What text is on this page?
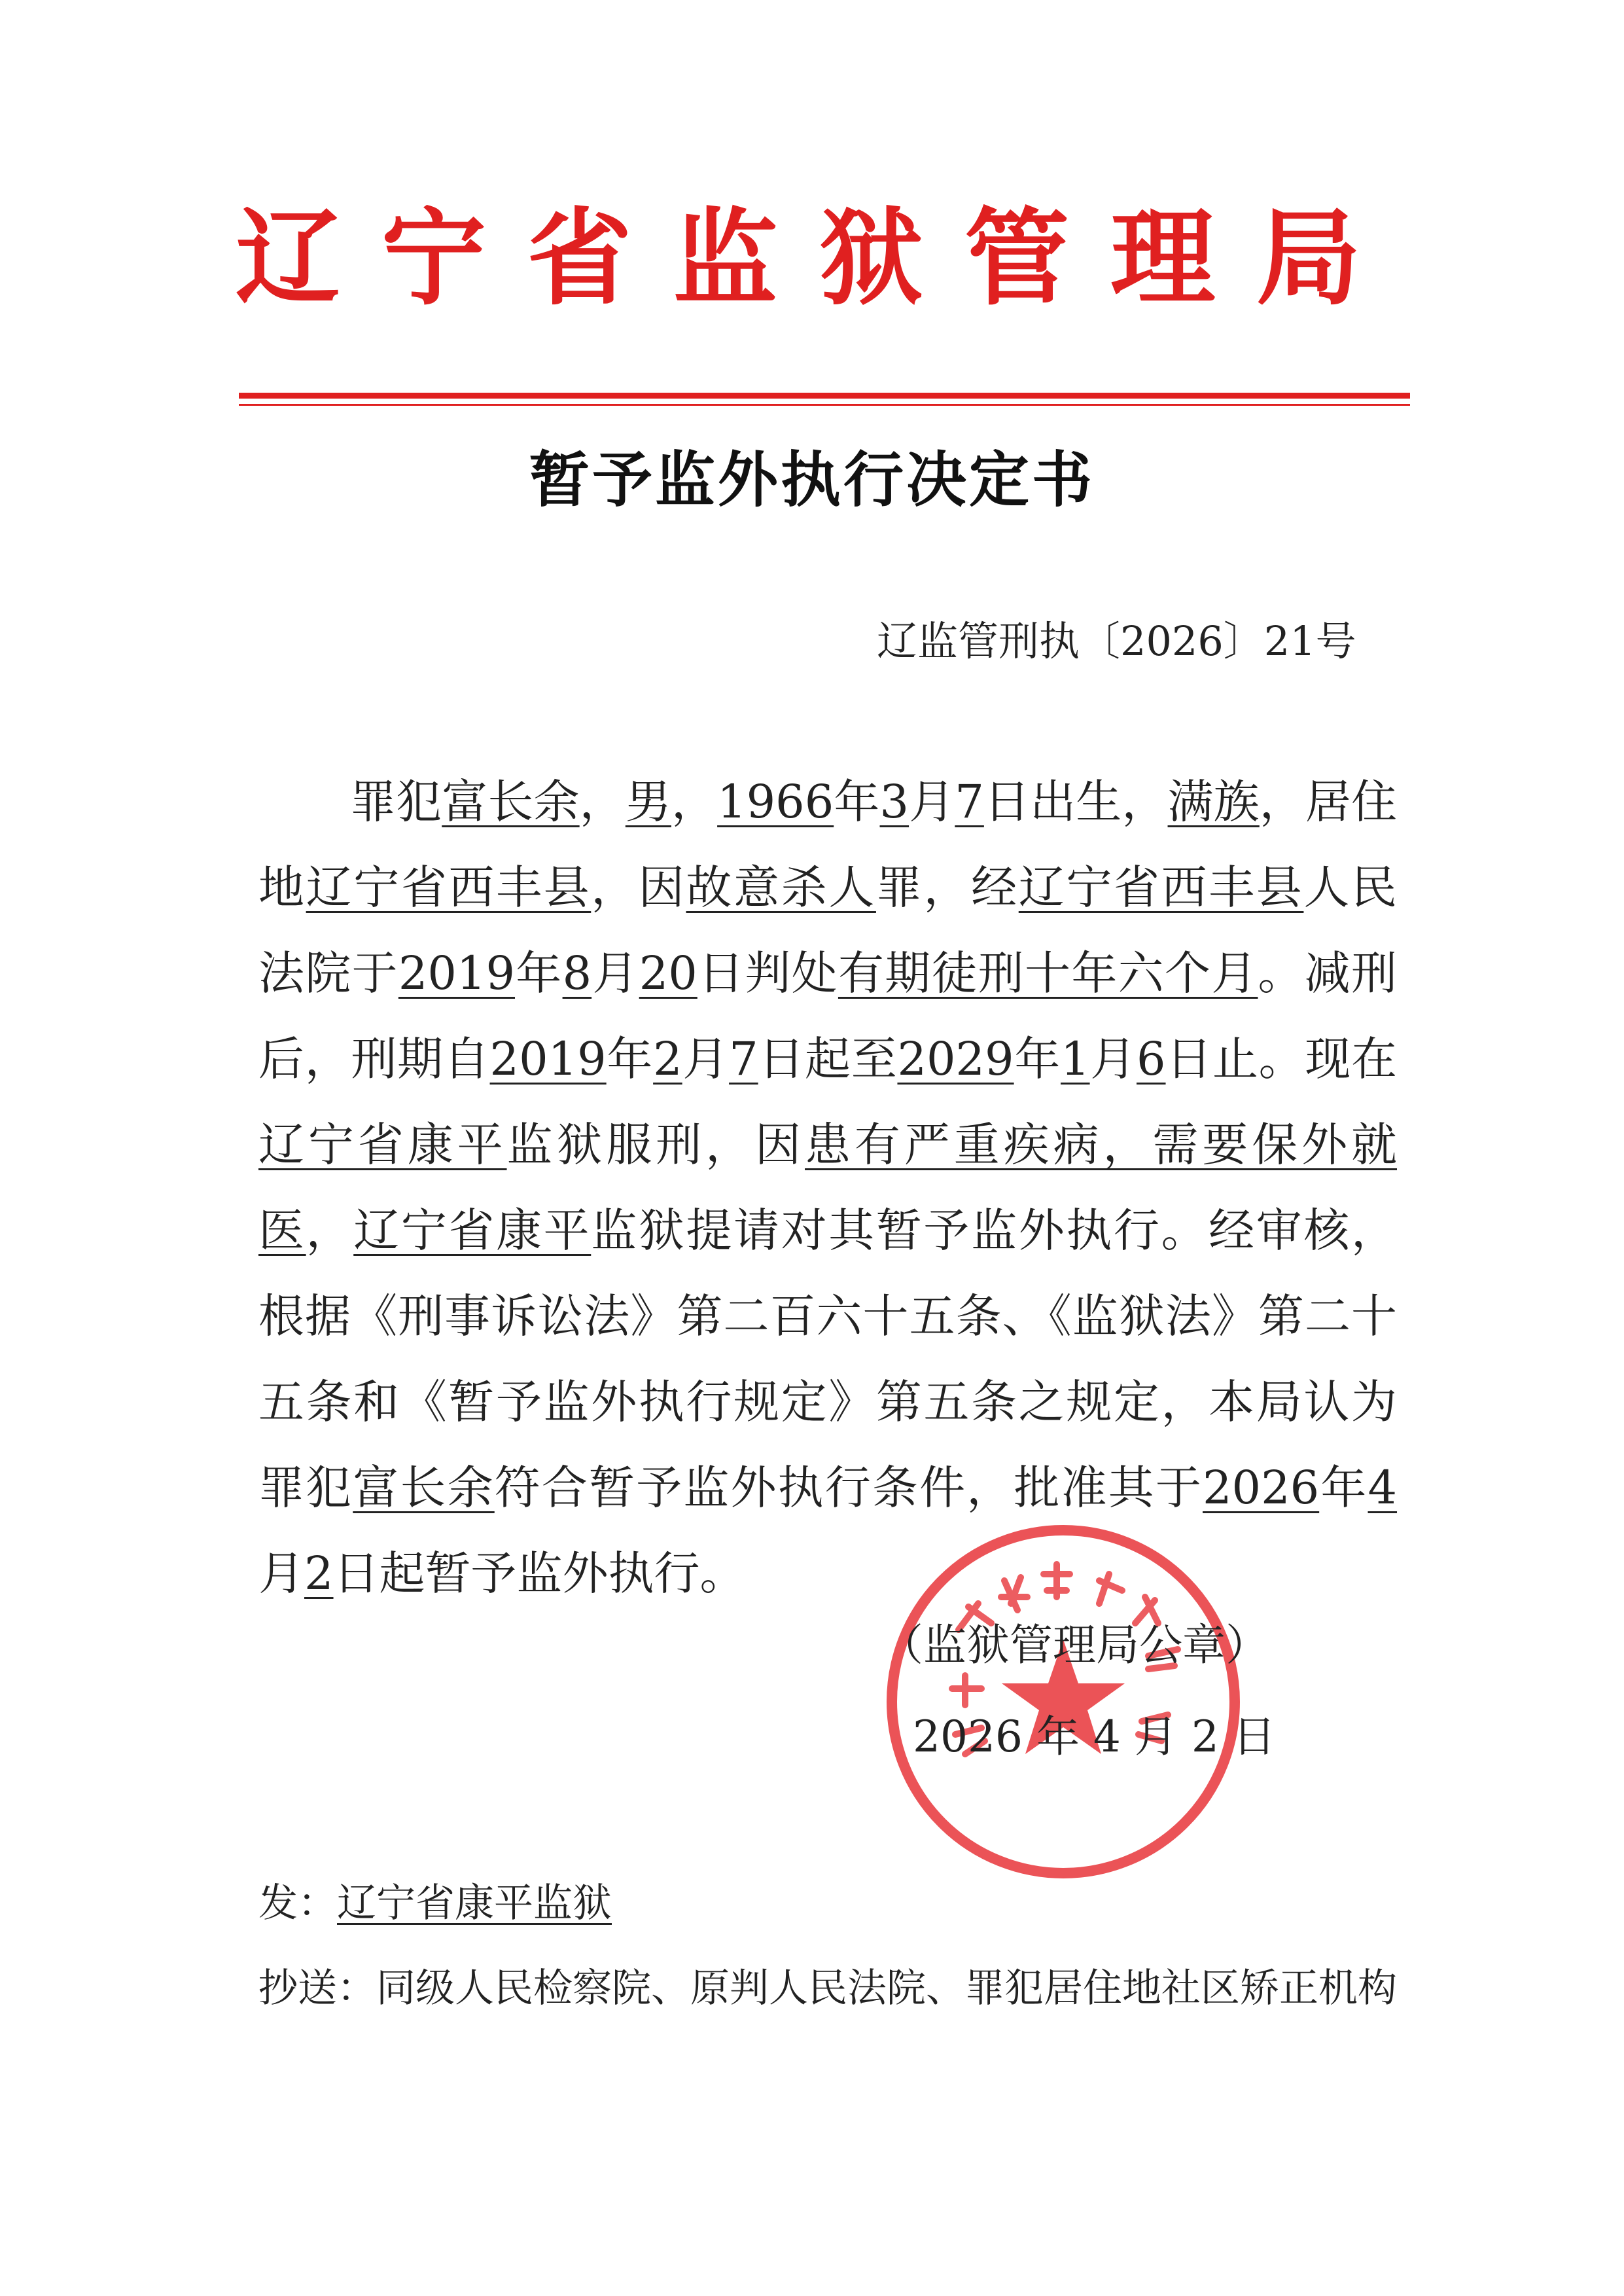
辽 宁 省 监 狱 管 理 局
暂予监外执行决定书
辽监管刑执〔2026〕21号

罪犯富长余，男，1966年3月7日出生，满族，居住地辽宁省西丰县，因故意杀人罪，经辽宁省西丰县人民法院于2019年8月20日判处有期徒刑十年六个月。减刑后，刑期自2019年2月7日起至2029年1月6日止。现在辽宁省康平监狱服刑，因患有严重疾病，需要保外就医，辽宁省康平监狱提请对其暂予监外执行。经审核，根据《刑事诉讼法》第二百六十五条、《监狱法》第二十五条和《暂予监外执行规定》第五条之规定，本局认为罪犯富长余符合暂予监外执行条件，批准其于2026年4月2日起暂予监外执行。

（监狱管理局公章）
2026 年 4 月 2 日
发：辽宁省康平监狱
抄送：同级人民检察院、原判人民法院、罪犯居住地社区矫正机构
